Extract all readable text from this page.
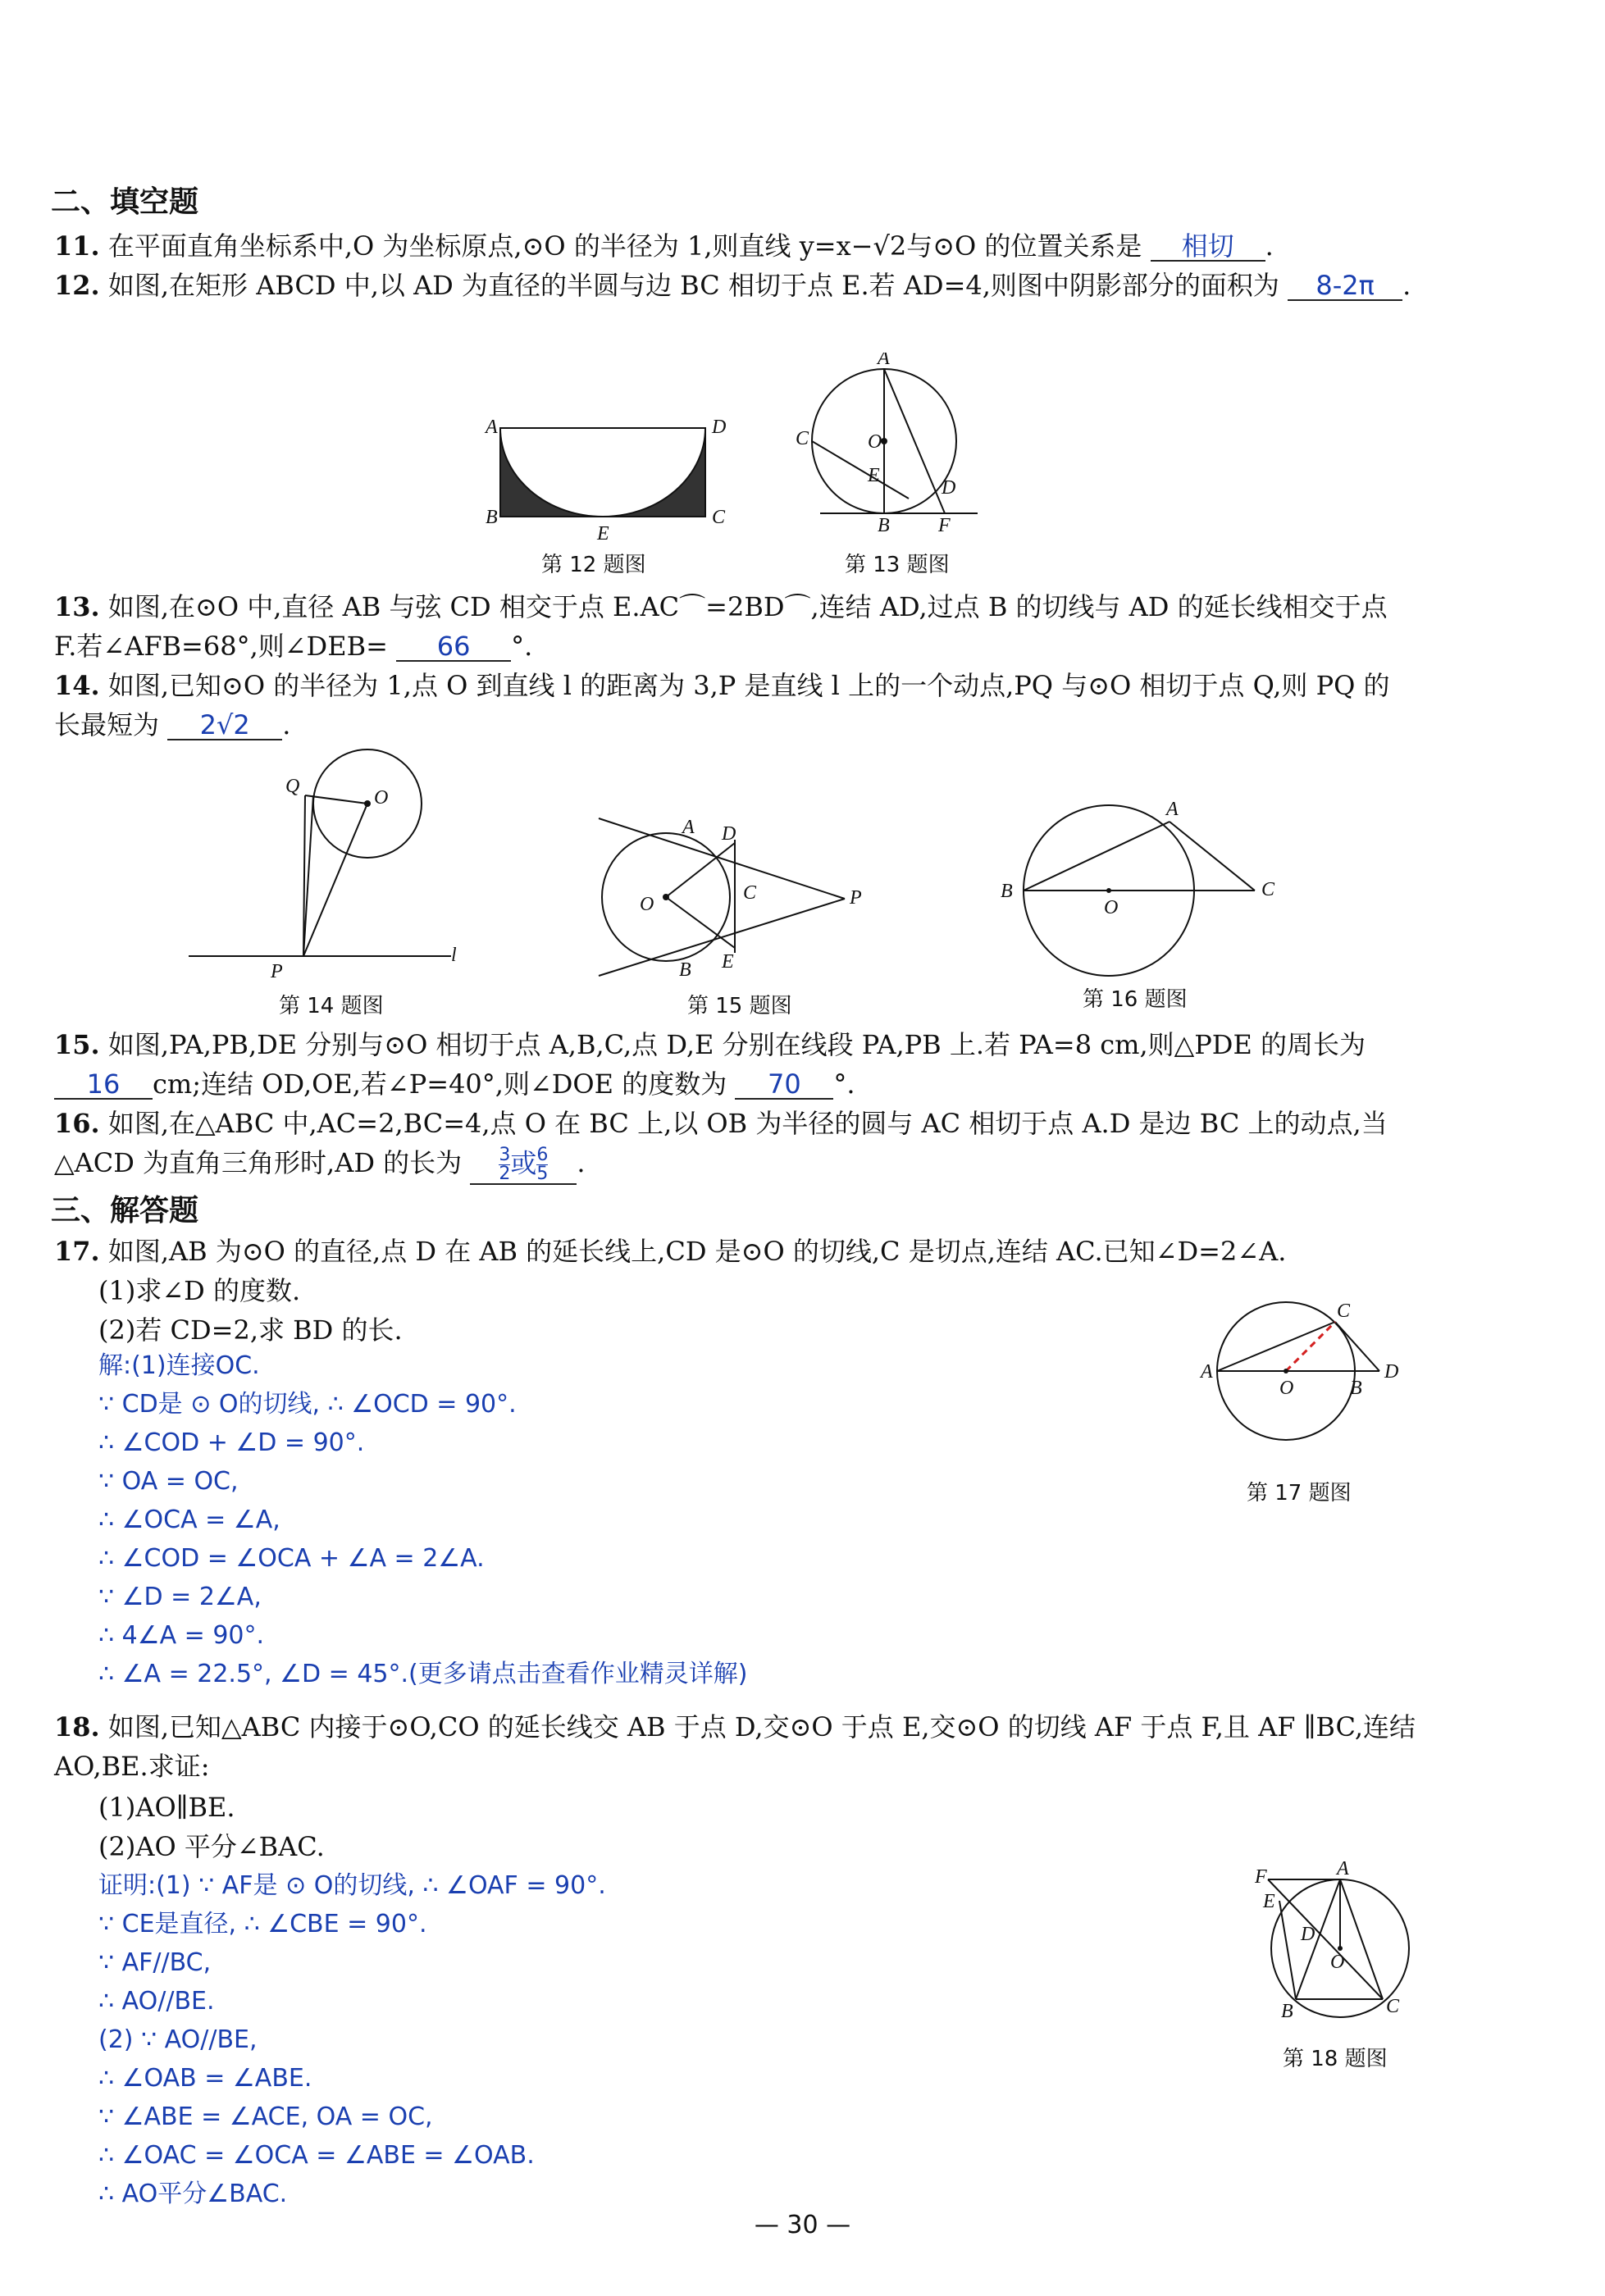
二、填空题
11. 在平面直角坐标系中,O 为坐标原点,⊙O 的半径为 1,则直线 y=x−√2与⊙O 的位置关系是 相切 .
12. 如图,在矩形 ABCD 中,以 AD 为直径的半圆与边 BC 相切于点 E.若 AD=4,则图中阴影部分的面积为 8-2π .
A	D
B	C
E
第 12 题图
A
C	O
E
D
B F
第 13 题图
13. 如图,在⊙O 中,直径 AB 与弦 CD 相交于点 E.AC⌒=2BD⌒,连结 AD,过点 B 的切线与 AD 的延长线相交于点 F.若∠AFB=68°,则∠DEB= 66 °.
14. 如图,已知⊙O 的半径为 1,点 O 到直线 l 的距离为 3,P 是直线 l 上的一个动点,PQ 与⊙O 相切于点 Q,则 PQ 的长最短为 2√2 .
Q
O
P
l
第 14 题图
A D
C
O
E
B
P
第 15 题图
B
O
A
C
第 16 题图
15. 如图,PA,PB,DE 分别与⊙O 相切于点 A,B,C,点 D,E 分别在线段 PA,PB 上.若 PA=8 cm,则△PDE 的周长为 16 cm;连结 OD,OE,若∠P=40°,则∠DOE 的度数为 70 °.
16. 如图,在△ABC 中,AC=2,BC=4,点 O 在 BC 上,以 OB 为半径的圆与 AC 相切于点 A.D 是边 BC 上的动点,当△ACD 为直角三角形时,AD 的长为 $\frac{3}{2}$ 或 $\frac{6}{5}$ .
三、解答题
17. 如图,AB 为⊙O 的直径,点 D 在 AB 的延长线上,CD 是⊙O 的切线,C 是切点,连结 AC.已知∠D=2∠A.
(1)求∠D 的度数.
(2)若 CD=2,求 BD 的长.
解:(1)连接OC.
∵ CD是 ⊙ O的切线, ∴ ∠OCD = 90°.
∴ ∠COD + ∠D = 90°.
∵ OA = OC,
∴ ∠OCA = ∠A,
∴ ∠COD = ∠OCA + ∠A = 2∠A.
∵ ∠D = 2∠A,
∴ 4∠A = 90°.
∴ ∠A = 22.5°, ∠D = 45°.(更多请点击查看作业精灵详解)
A
O	B
D
C
第 17 题图
18. 如图,已知△ABC 内接于⊙O,CO 的延长线交 AB 于点 D,交⊙O 于点 E,交⊙O 的切线 AF 于点 F,且 AF ∥BC,连结 AO,BE.求证:
(1)AO∥BE.
(2)AO 平分∠BAC.
证明:(1) ∵ AF是 ⊙ O的切线, ∴ ∠OAF = 90°.
∵ CE是直径, ∴ ∠CBE = 90°.
∵ AF//BC,
∴ AO//BE.
(2) ∵ AO//BE,
∴ ∠OAB = ∠ABE.
∵ ∠ABE = ∠ACE, OA = OC,
∴ ∠OAC = ∠OCA = ∠ABE = ∠OAB.
∴ AO平分∠BAC.
F	A
E
D
O
B	C
第 18 题图
— 30 —
